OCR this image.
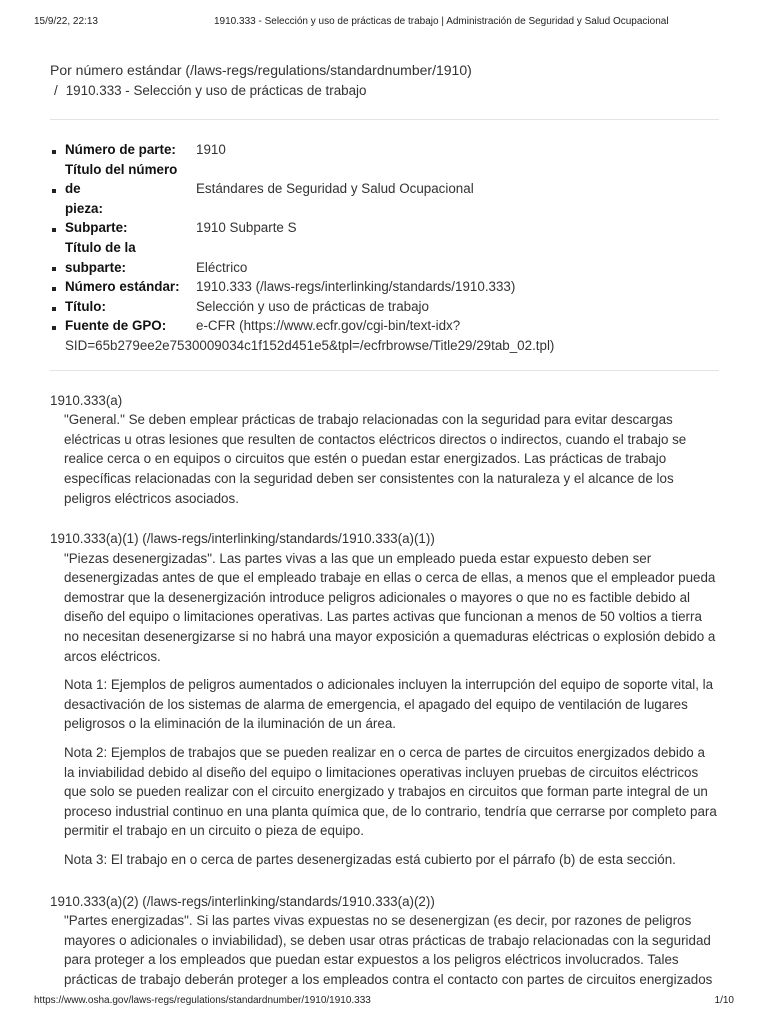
15/9/22, 22:13	1910.333 - Selección y uso de prácticas de trabajo | Administración de Seguridad y Salud Ocupacional
Por número estándar (/laws-regs/regulations/standardnumber/1910)
/ 1910.333 - Selección y uso de prácticas de trabajo
Número de parte: 1910
Título del número de
pieza:
Estándares de Seguridad y Salud Ocupacional
Subparte:	1910 Subparte S
Título de la
subparte:	Eléctrico
Número estándar: 1910.333 (/laws-regs/interlinking/standards/1910.333)
Título:	Selección y uso de prácticas de trabajo
Fuente de GPO: e-CFR (https://www.ecfr.gov/cgi-bin/text-idx?
SID=65b279ee2e7530009034c1f152d451e5&tpl=/ecfrbrowse/Title29/29tab_02.tpl)
1910.333(a)

"General." Se deben emplear prácticas de trabajo relacionadas con la seguridad para evitar descargas eléctricas u otras lesiones que resulten de contactos eléctricos directos o indirectos, cuando el trabajo se realice cerca o en equipos o circuitos que estén o puedan estar energizados. Las prácticas de trabajo específicas relacionadas con la seguridad deben ser consistentes con la naturaleza y el alcance de los peligros eléctricos asociados.

1910.333(a)(1) (/laws-regs/interlinking/standards/1910.333(a)(1))

"Piezas desenergizadas". Las partes vivas a las que un empleado pueda estar expuesto deben ser desenergizadas antes de que el empleado trabaje en ellas o cerca de ellas, a menos que el empleador pueda demostrar que la desenergización introduce peligros adicionales o mayores o que no es factible debido al diseño del equipo o limitaciones operativas. Las partes activas que funcionan a menos de 50 voltios a tierra no necesitan desenergizarse si no habrá una mayor exposición a quemaduras eléctricas o explosión debido a arcos eléctricos.

Nota 1: Ejemplos de peligros aumentados o adicionales incluyen la interrupción del equipo de soporte vital, la desactivación de los sistemas de alarma de emergencia, el apagado del equipo de ventilación de lugares peligrosos o la eliminación de la iluminación de un área.

Nota 2: Ejemplos de trabajos que se pueden realizar en o cerca de partes de circuitos energizados debido a la inviabilidad debido al diseño del equipo o limitaciones operativas incluyen pruebas de circuitos eléctricos que solo se pueden realizar con el circuito energizado y trabajos en circuitos que forman parte integral de un proceso industrial continuo en una planta química que, de lo contrario, tendría que cerrarse por completo para permitir el trabajo en un circuito o pieza de equipo.

Nota 3: El trabajo en o cerca de partes desenergizadas está cubierto por el párrafo (b) de esta sección.

1910.333(a)(2) (/laws-regs/interlinking/standards/1910.333(a)(2))

"Partes energizadas". Si las partes vivas expuestas no se desenergizan (es decir, por razones de peligros mayores o adicionales o inviabilidad), se deben usar otras prácticas de trabajo relacionadas con la seguridad para proteger a los empleados que puedan estar expuestos a los peligros eléctricos involucrados. Tales prácticas de trabajo deberán proteger a los empleados contra el contacto con partes de circuitos energizados

https://www.osha.gov/laws-regs/regulations/standardnumber/1910/1910.333	1/10
